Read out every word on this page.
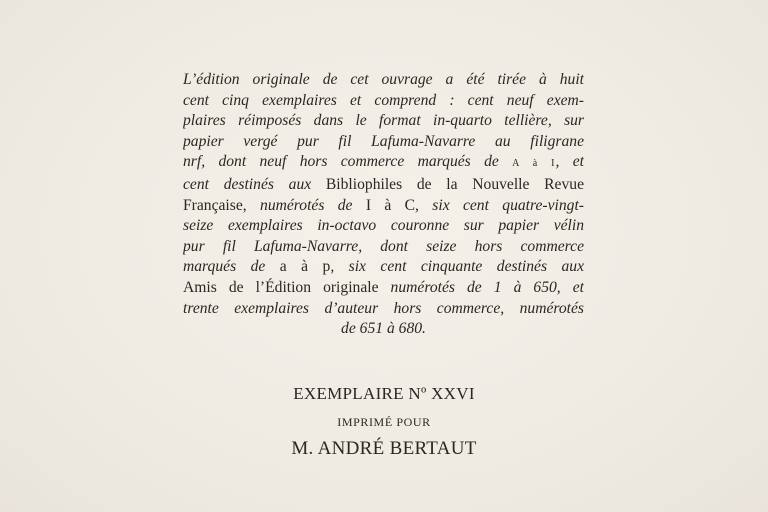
L’édition originale de cet ouvrage a été tirée à huit
cent cinq exemplaires et comprend : cent neuf exem-
plaires réimposés dans le format in-quarto tellière, sur
papier vergé pur fil Lafuma-Navarre au filigrane
nrf, dont neuf hors commerce marqués de A à I, et
cent destinés aux Bibliophiles de la Nouvelle Revue
Française, numérotés de I à C, six cent quatre-vingt-
seize exemplaires in-octavo couronne sur papier vélin
pur fil Lafuma-Navarre, dont seize hors commerce
marqués de a à p, six cent cinquante destinés aux
Amis de l’Édition originale numérotés de 1 à 650, et
trente exemplaires d’auteur hors commerce, numérotés
de 651 à 680.
EXEMPLAIRE Nº XXVI
IMPRIMÉ POUR
M. ANDRÉ BERTAUT
